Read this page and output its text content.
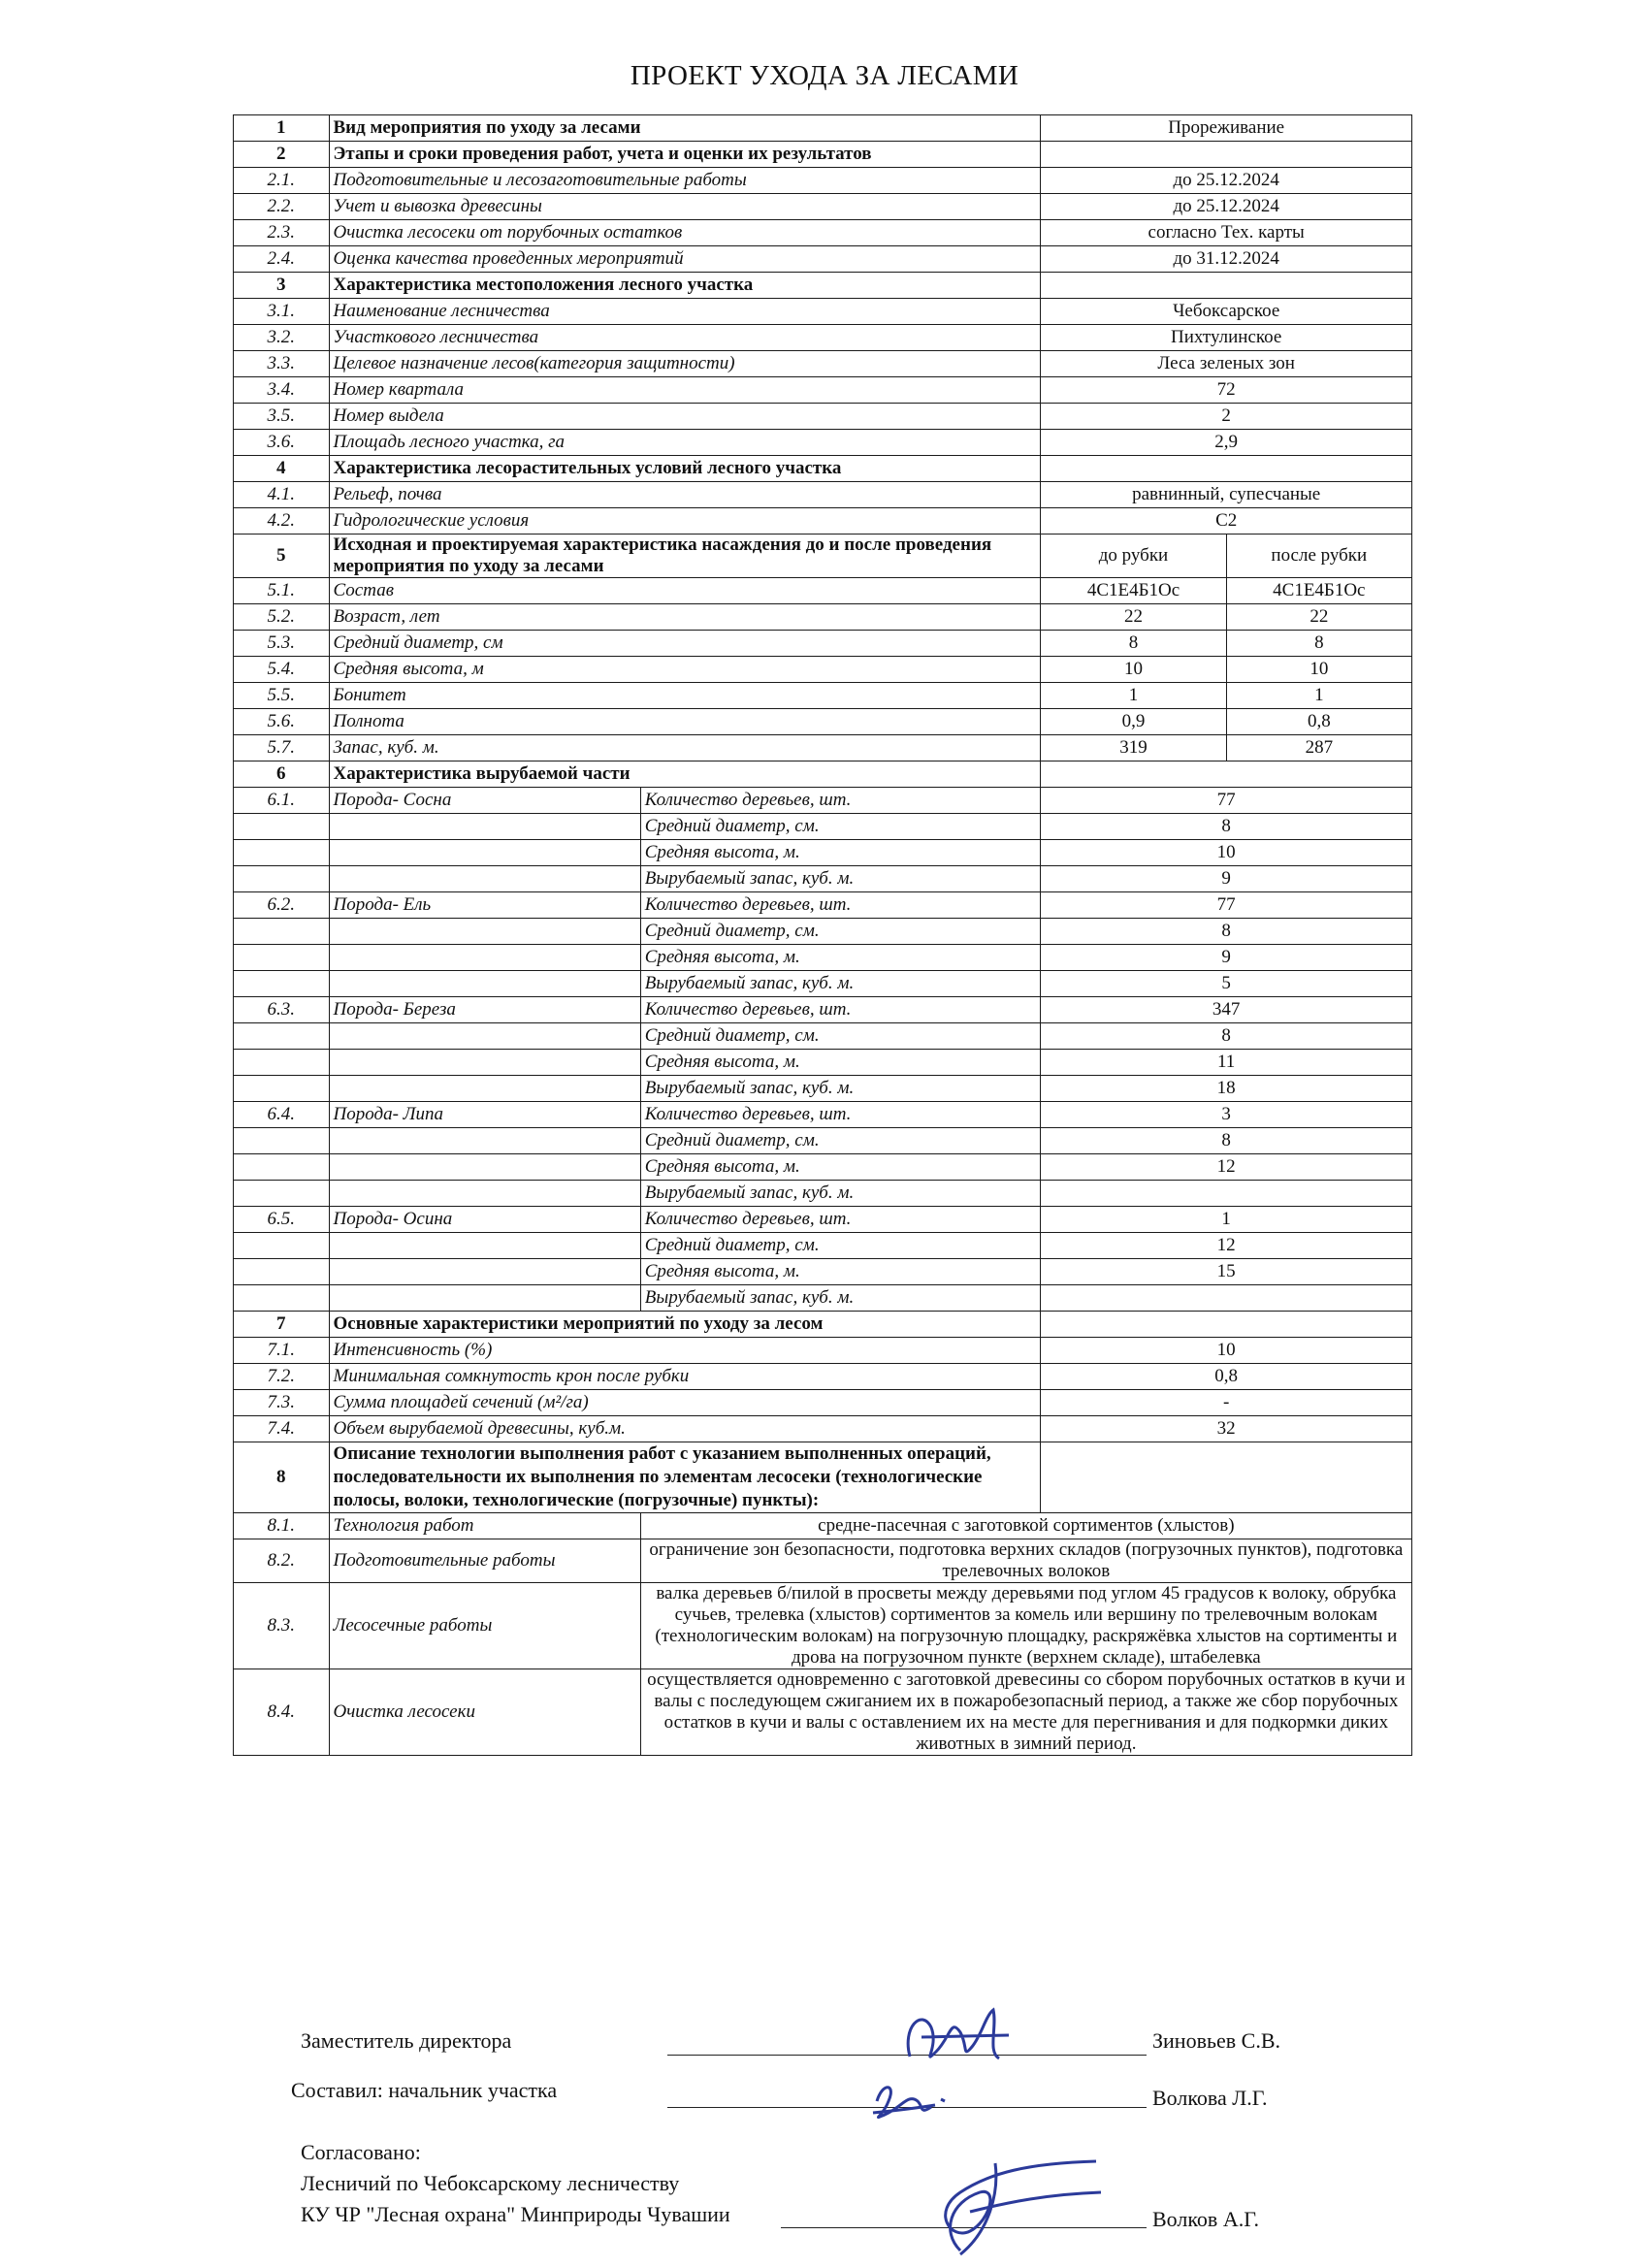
ПРОЕКТ УХОДА ЗА ЛЕСАМИ
1	Вид мероприятия по уходу за лесами		Прореживание	
2	Этапы и сроки проведения работ, учета и оценки их результатов			
2.1.	Подготовительные и лесозаготовительные работы		до 25.12.2024	
2.2.	Учет и вывозка древесины		до 25.12.2024	
2.3.	Очистка лесосеки от порубочных остатков		согласно Тех. карты	
2.4.	Оценка качества проведенных мероприятий		до 31.12.2024	
3	Характеристика местоположения лесного участка			
3.1.	Наименование лесничества		Чебоксарское	
3.2.	Участкового лесничества		Пихтулинское	
3.3.	Целевое назначение лесов(категория защитности)		Леса зеленых зон	
3.4.	Номер квартала		72	
3.5.	Номер выдела		2	
3.6.	Площадь лесного участка, га		2,9	
4	Характеристика лесорастительных условий лесного участка			
4.1.	Рельеф, почва		равнинный, супесчаные	
4.2.	Гидрологические условия		С2	
5	Исходная и проектируемая характеристика насаждения до и после проведения мероприятия по уходу за лесами		до рубки	после рубки
5.1.	Состав		4С1Е4Б1Ос	4С1Е4Б1Ос
5.2.	Возраст, лет		22	22
5.3.	Средний диаметр, см		8	8
5.4.	Средняя высота, м		10	10
5.5.	Бонитет		1	1
5.6.	Полнота		0,9	0,8
5.7.	Запас, куб. м.		319	287
6	Характеристика вырубаемой части			
6.1.	Порода- Сосна	Количество деревьев, шт.	77	
		Средний диаметр, см.	8	
		Средняя высота, м.	10	
		Вырубаемый запас, куб. м.	9	
6.2.	Порода- Ель	Количество деревьев, шт.	77	
		Средний диаметр, см.	8	
		Средняя высота, м.	9	
		Вырубаемый запас, куб. м.	5	
6.3.	Порода- Береза	Количество деревьев, шт.	347	
		Средний диаметр, см.	8	
		Средняя высота, м.	11	
		Вырубаемый запас, куб. м.	18	
6.4.	Порода- Липа	Количество деревьев, шт.	3	
		Средний диаметр, см.	8	
		Средняя высота, м.	12	
		Вырубаемый запас, куб. м.		
6.5.	Порода- Осина	Количество деревьев, шт.	1	
		Средний диаметр, см.	12	
		Средняя высота, м.	15	
		Вырубаемый запас, куб. м.		
7	Основные характеристики мероприятий по уходу за лесом			
7.1.	Интенсивность (%)		10	
7.2.	Минимальная сомкнутость крон после рубки		0,8	
7.3.	Сумма площадей сечений (м²/га)		-	
7.4.	Объем вырубаемой древесины, куб.м.		32	
8	Описание технологии выполнения работ с указанием выполненных операций, последовательности их выполнения по элементам лесосеки (технологические полосы, волоки, технологические (погрузочные) пункты):			
8.1.	Технология работ	средне-пасечная с заготовкой сортиментов (хлыстов)		
8.2.	Подготовительные работы	ограничение зон безопасности, подготовка верхних складов (погрузочных пунктов), подготовка трелевочных волоков		
8.3.	Лесосечные работы	валка деревьев б/пилой в просветы между деревьями под углом 45 градусов к волоку, обрубка сучьев, трелевка (хлыстов) сортиментов за комель или вершину по трелевочным волокам (технологическим волокам) на погрузочную площадку, раскряжёвка хлыстов на сортименты и дрова на погрузочном пункте (верхнем складе), штабелевка		
8.4.	Очистка лесосеки	осуществляется одновременно с заготовкой древесины со сбором порубочных остатков в кучи и валы с последующем сжиганием их в пожаробезопасный период, а также же сбор порубочных остатков в кучи и валы с оставлением их на месте для перегнивания и для подкормки диких животных в зимний период.		
Заместитель директора	Зиновьев С.В.
Составил: начальник участка	Волкова Л.Г.
Согласовано:
Лесничий по Чебоксарскому лесничеству
КУ ЧР "Лесная охрана" Минприроды Чувашии	Волков А.Г.
